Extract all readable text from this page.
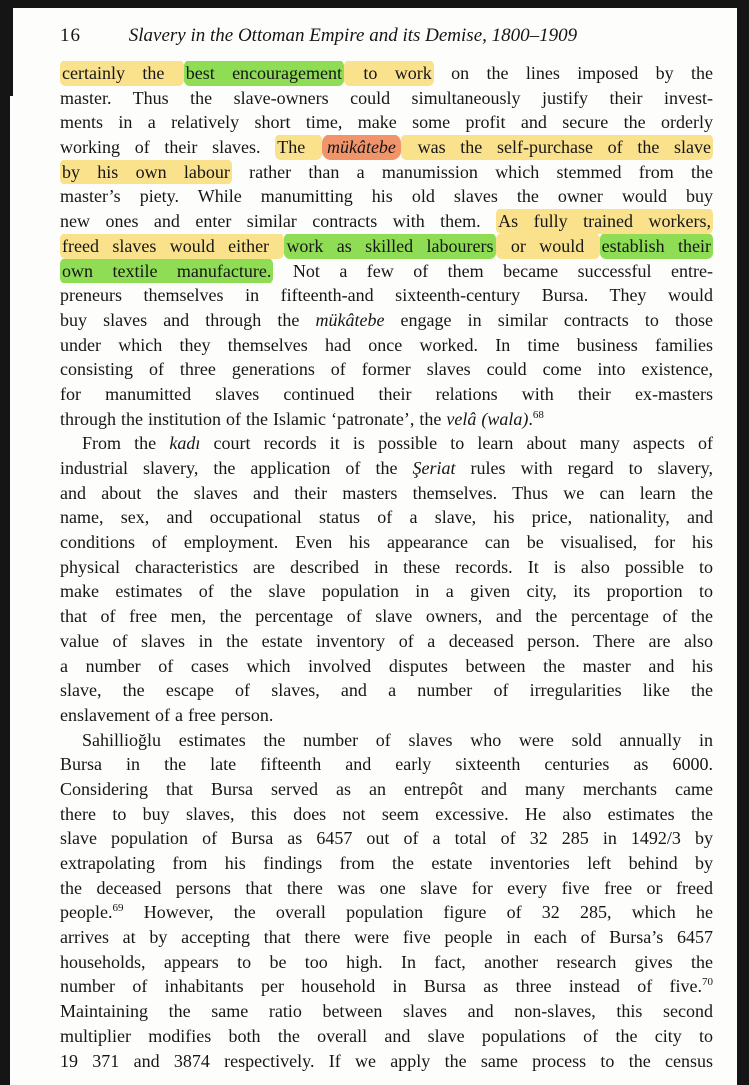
16	Slavery in the Ottoman Empire and its Demise, 1800–1909
certainly the best encouragement to work on the lines imposed by the
master. Thus the slave-owners could simultaneously justify their invest-
ments in a relatively short time, make some profit and secure the orderly
working of their slaves. The mükâtebe was the self-purchase of the slave
by his own labour rather than a manumission which stemmed from the
master’s piety. While manumitting his old slaves the owner would buy
new ones and enter similar contracts with them. As fully trained workers,
freed slaves would either work as skilled labourers or would establish their
own textile manufacture. Not a few of them became successful entre-
preneurs themselves in fifteenth-and sixteenth-century Bursa. They would
buy slaves and through the mükâtebe engage in similar contracts to those
under which they themselves had once worked. In time business families
consisting of three generations of former slaves could come into existence,
for manumitted slaves continued their relations with their ex-masters
through the institution of the Islamic ‘patronate’, the velâ (wala).$^{68}$
From the kadı court records it is possible to learn about many aspects of
industrial slavery, the application of the Şeriat rules with regard to slavery,
and about the slaves and their masters themselves. Thus we can learn the
name, sex, and occupational status of a slave, his price, nationality, and
conditions of employment. Even his appearance can be visualised, for his
physical characteristics are described in these records. It is also possible to
make estimates of the slave population in a given city, its proportion to
that of free men, the percentage of slave owners, and the percentage of the
value of slaves in the estate inventory of a deceased person. There are also
a number of cases which involved disputes between the master and his
slave, the escape of slaves, and a number of irregularities like the
enslavement of a free person.
Sahillioğlu estimates the number of slaves who were sold annually in
Bursa in the late fifteenth and early sixteenth centuries as 6000.
Considering that Bursa served as an entrepôt and many merchants came
there to buy slaves, this does not seem excessive. He also estimates the
slave population of Bursa as 6457 out of a total of 32 285 in 1492/3 by
extrapolating from his findings from the estate inventories left behind by
the deceased persons that there was one slave for every five free or freed
people.$^{69}$ However, the overall population figure of 32 285, which he
arrives at by accepting that there were five people in each of Bursa’s 6457
households, appears to be too high. In fact, another research gives the
number of inhabitants per household in Bursa as three instead of five.$^{70}$
Maintaining the same ratio between slaves and non-slaves, this second
multiplier modifies both the overall and slave populations of the city to
19 371 and 3874 respectively. If we apply the same process to the census
